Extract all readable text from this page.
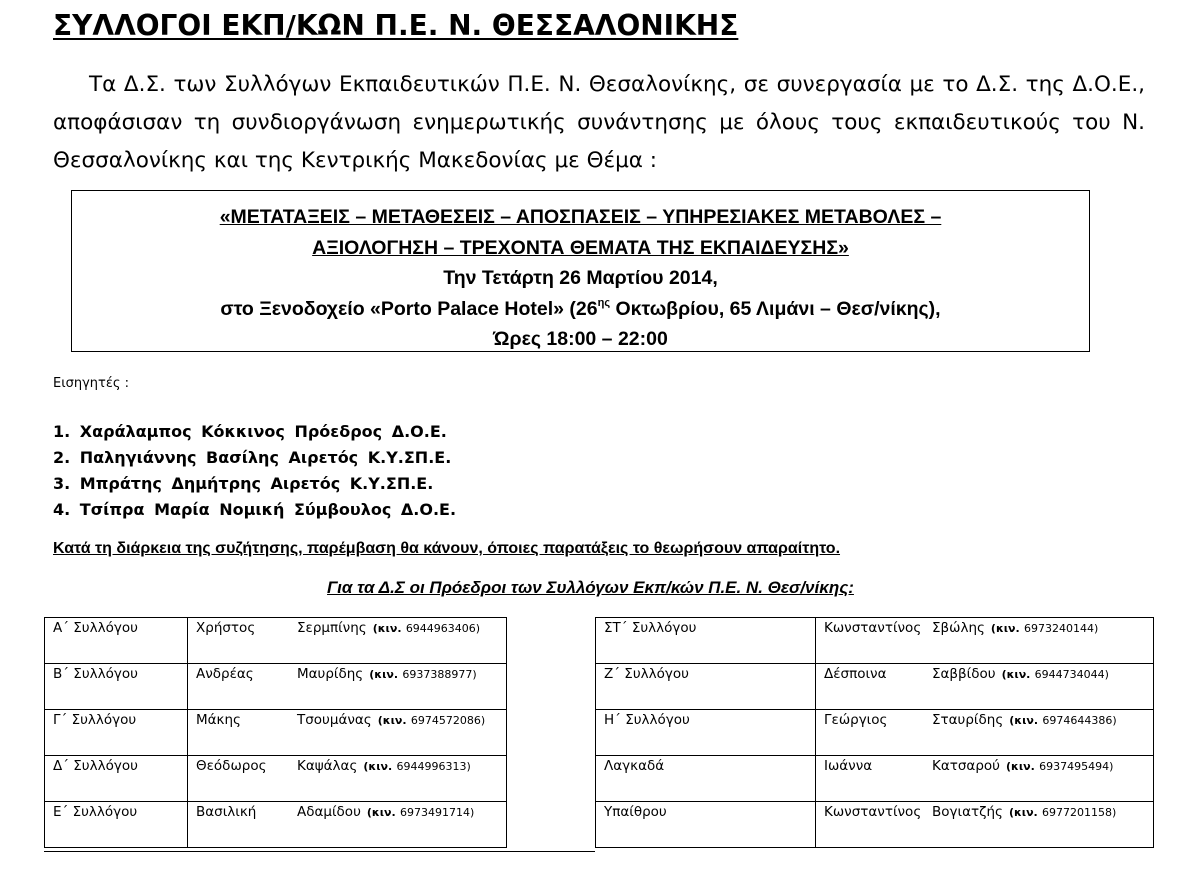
ΣΥΛΛΟΓΟΙ ΕΚΠ/ΚΩΝ Π.Ε. Ν. ΘΕΣΣΑΛΟΝΙΚΗΣ
Τα Δ.Σ. των Συλλόγων Εκπαιδευτικών Π.Ε. Ν. Θεσαλονίκης, σε συνεργασία με το Δ.Σ. της Δ.Ο.Ε., αποφάσισαν τη συνδιοργάνωση ενημερωτικής συνάντησης με όλους τους εκπαιδευτικούς του Ν. Θεσσαλονίκης και της Κεντρικής Μακεδονίας με Θέμα :
«ΜΕΤΑΤΑΞΕΙΣ – ΜΕΤΑΘΕΣΕΙΣ – ΑΠΟΣΠΑΣΕΙΣ – ΥΠΗΡΕΣΙΑΚΕΣ ΜΕΤΑΒΟΛΕΣ –
ΑΞΙΟΛΟΓΗΣΗ – ΤΡΕΧΟΝΤΑ ΘΕΜΑΤΑ ΤΗΣ ΕΚΠΑΙΔΕΥΣΗΣ»
Την Τετάρτη 26 Μαρτίου 2014,
στο Ξενοδοχείο «Porto Palace Hotel» ($26^{\eta\varsigma}$ Οκτωβρίου, 65 Λιμάνι – Θεσ/νίκης),
Ώρες 18:00 – 22:00
Εισηγητές :
1. Χαράλαμπος Κόκκινος Πρόεδρος Δ.Ο.Ε.
2. Παληγιάννης Βασίλης Αιρετός Κ.Υ.ΣΠ.Ε.
3. Μπράτης Δημήτρης Αιρετός Κ.Υ.ΣΠ.Ε.
4. Τσίπρα Μαρία Νομική Σύμβουλος Δ.Ο.Ε.
Κατά τη διάρκεια της συζήτησης, παρέμβαση θα κάνουν, όποιες παρατάξεις το θεωρήσουν απαραίτητο.
Για τα Δ.Σ οι Πρόεδροι των Συλλόγων Εκπ/κών Π.Ε. Ν. Θεσ/νίκης:
Α΄ Συλλόγου	Χρήστος Σερμπίνης (κιν. 6944963406)
Β΄ Συλλόγου	Ανδρέας Μαυρίδης (κιν. 6937388977)
Γ΄ Συλλόγου	Μάκης Τσουμάνας (κιν. 6974572086)
Δ΄ Συλλόγου	Θεόδωρος Καψάλας (κιν. 6944996313)
Ε΄ Συλλόγου	Βασιλική Αδαμίδου (κιν. 6973491714)
ΣΤ΄ Συλλόγου	Κωνσταντίνος Σβώλης (κιν. 6973240144)
Ζ΄ Συλλόγου	Δέσποινα Σαββίδου (κιν. 6944734044)
Η΄ Συλλόγου	Γεώργιος Σταυρίδης (κιν. 6974644386)
Λαγκαδά	Ιωάννα Κατσαρού (κιν. 6937495494)
Υπαίθρου	Κωνσταντίνος Βογιατζής (κιν. 6977201158)
